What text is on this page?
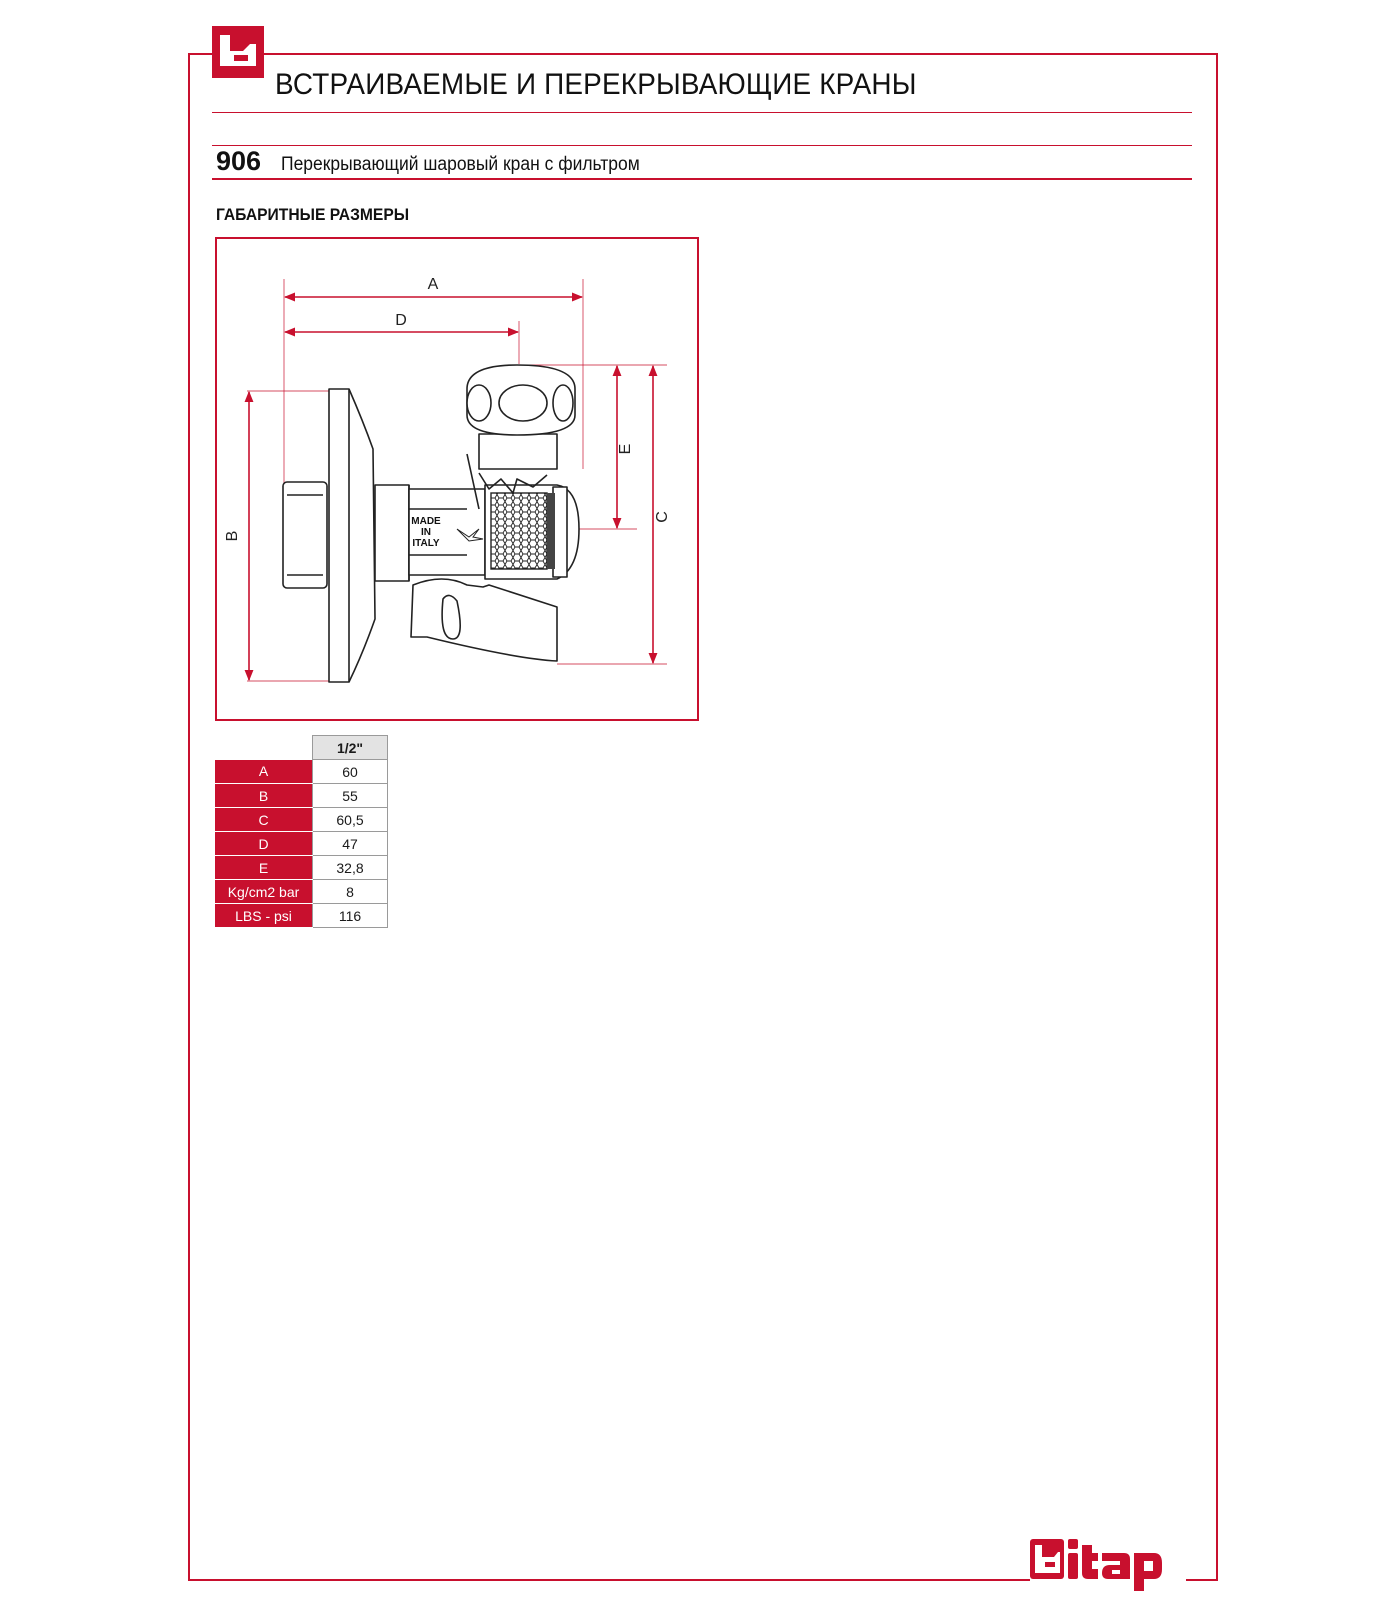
ВСТРАИВАЕМЫЕ И ПЕРЕКРЫВАЮЩИЕ КРАНЫ
906 Перекрывающий шаровый кран с фильтром
ГАБАРИТНЫЕ РАЗМЕРЫ
A
D
B
E
C
MADE
IN
ITALY
	1/2"
A	60
B	55
C	60,5
D	47
E	32,8
Kg/cm2 bar	8
LBS - psi	116
itap
